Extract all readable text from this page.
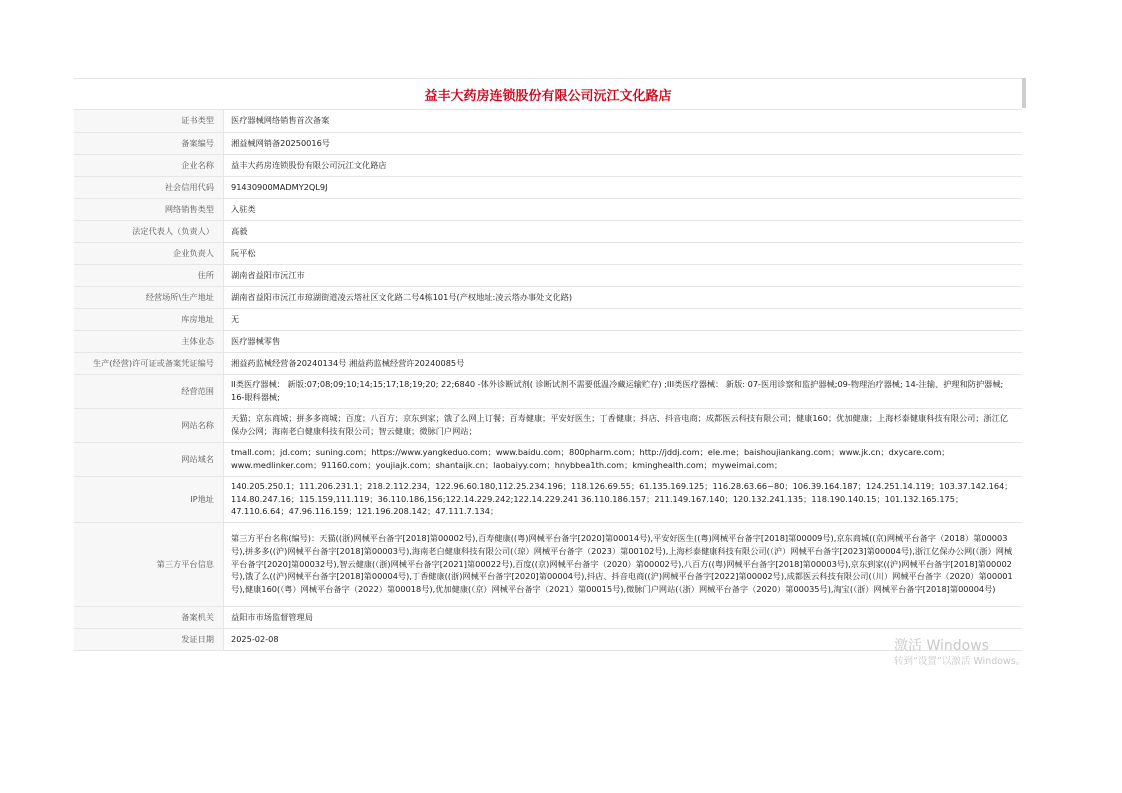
益丰大药房连锁股份有限公司沅江文化路店
证书类型	医疗器械网络销售首次备案
备案编号	湘益械网销备20250016号
企业名称	益丰大药房连锁股份有限公司沅江文化路店
社会信用代码	91430900MADMY2QL9J
网络销售类型	入驻类
法定代表人（负责人）	高毅
企业负责人	阮平松
住所	湖南省益阳市沅江市
经营场所\生产地址	湖南省益阳市沅江市琼湖街道凌云塔社区文化路二号4栋101号(产权地址:凌云塔办事处文化路)
库房地址	无
主体业态	医疗器械零售
生产(经营)许可证或备案凭证编号	湘益药监械经营备20240134号 湘益药监械经营许20240085号
经营范围	II类医疗器械： 新版:07;08;09;10;14;15;17;18;19;20; 22;6840 -体外诊断试剂( 诊断试剂不需要低温冷藏运输贮存) ;III类医疗器械： 新版: 07-医用诊察和监护器械;09-物理治疗器械; 14-注输、护理和防护器械; 16-眼科器械;
网站名称	天猫；京东商城；拼多多商城；百度；八百方；京东到家；饿了么网上订餐；百寿健康；平安好医生；丁香健康；抖店、抖音电商；成都医云科技有限公司；健康160；优加健康；上海杉泰健康科技有限公司；浙江亿保办公网；海南老白健康科技有限公司；智云健康；微脉门户网站；
网站域名	tmall.com；jd.com；suning.com；https://www.yangkeduo.com；www.baidu.com；800pharm.com；http://jddj.com；ele.me；baishoujiankang.com；www.jk.cn；dxycare.com；www.medlinker.com；91160.com；youjiajk.com；shantaijk.cn；laobaiyy.com；hnybbea1th.com；kminghealth.com；myweimai.com；
IP地址	140.205.250.1；111.206.231.1；218.2.112.234，122.96.60.180,112.25.234.196；118.126.69.55；61.135.169.125；116.28.63.66~80；106.39.164.187；124.251.14.119；103.37.142.164；114.80.247.16；115.159,111.119；36.110.186,156;122.14.229.242;122.14.229.241 36.110.186.157；211.149.167.140；120.132.241.135；118.190.140.15；101.132.165.175；47.110.6.64；47.96.116.159；121.196.208.142；47.111.7.134；
第三方平台信息	第三方平台名称(编号)：天猫((浙)网械平台备字[2018]第00002号),百寿健康((粤)网械平台备字[2020]第00014号),平安好医生((粤)网械平台备字[2018]第00009号),京东商城((京)网械平台备字（2018）第00003号),拼多多((沪)网械平台备字[2018]第00003号),海南老白健康科技有限公司(（琼）网械平台备字（2023）第00102号),上海杉泰健康科技有限公司(（沪）网械平台备字[2023]第00004号),浙江亿保办公网(（浙）网械平台备字[2020]第00032号),智云健康(（浙)网械平台备字[2021]第00022号),百度((京)网械平台备字（2020）第00002号),八百方((粤)网械平台备字[2018]第00003号),京东到家((沪)网械平台备字[2018]第00002号),饿了么((沪)网械平台备字[2018]第00004号),丁香健康((浙)网械平台备字[2020]第00004号),抖店、抖音电商((沪)网械平台备字[2022]第00002号),成都医云科技有限公司(（川）网械平台备字（2020）第00001号),健康160(（粤）网械平台备字（2022）第00018号),优加健康(（京）网械平台备字（2021）第00015号),微脉门户网站(（浙）网械平台备字（2020）第00035号),淘宝(（浙）网械平台备字[2018]第00004号)
备案机关	益阳市市场监督管理局
发证日期	2025-02-08	激活 Windows
转到“设置”以激活 Windows。
